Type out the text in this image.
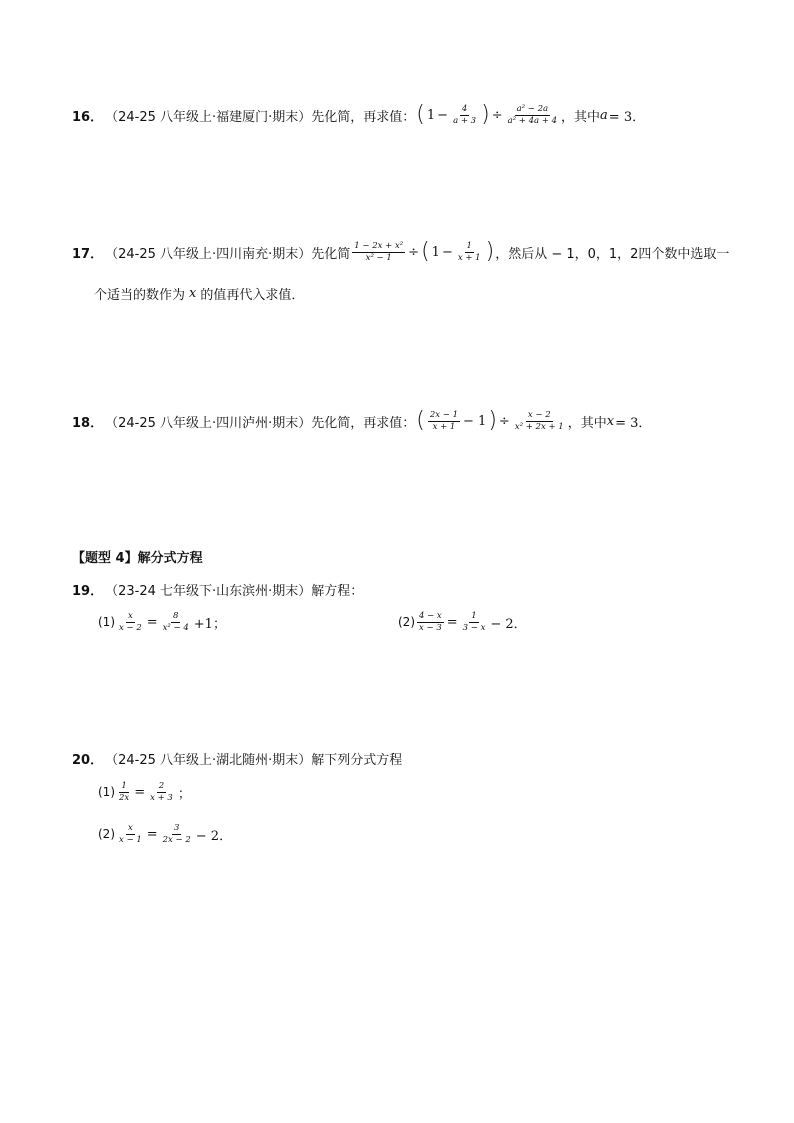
16． （24-25 八年级上·福建厦门·期末） 先化简，再求值： ( $1 - \frac{4}{a + 3}$ ) ÷ $\frac{\text{a² − 2a}}{\text{a² + 4a + 4}}$ ，其中 a = 3．
17． （24-25 八年级上·四川南充·期末） 先化简 $\frac{\text{1 − 2x + x²}}{\text{x² − 1}}$ ÷ ( $1 - \frac{1}{x + 1}$ ) ，然后从 − 1，0，1，2四个数中选取一
个适当的数作为 x 的值再代入求值．
18． （24-25 八年级上·四川泸州·期末） 先化简，再求值： ( $\frac{2x - 1}{x + 1} - 1$ ) ÷ $\frac{x - 2}{\text{x² + 2x + 1}}$ ，其中 x = 3．
【题型 4】解分式方程
19． （23-24 七年级下·山东滨州·期末） 解方程：
$(1) \frac{x}{x - 2} = \frac{8}{\text{x² − 4}} +1$；	$(2) \frac{4 - x}{x - 3} = \frac{1}{3 - x} - 2$．
20． （24-25 八年级上·湖北随州·期末） 解下列分式方程
$(1) \frac{1}{2x} = \frac{2}{x + 3}$ ；
$(2) \frac{x}{x - 1} = \frac{3}{2x - 2} - 2$．
